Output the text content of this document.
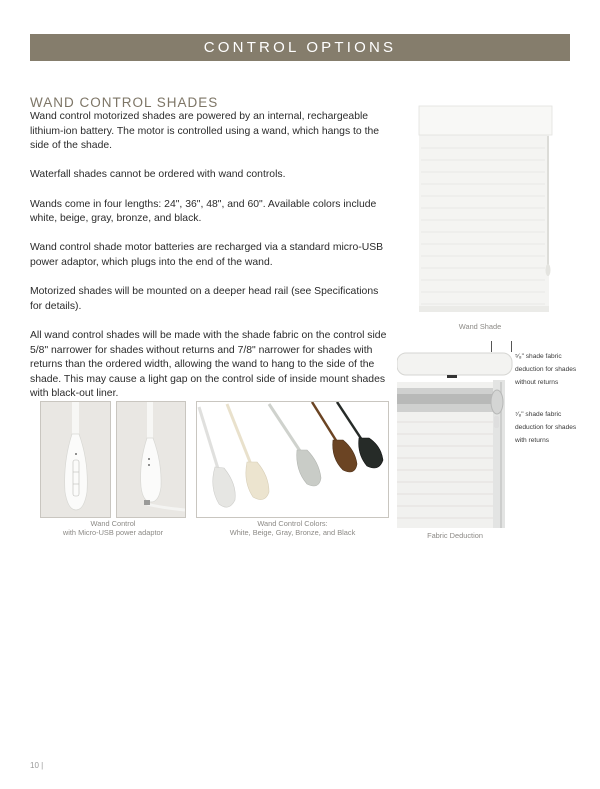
CONTROL OPTIONS
WAND CONTROL SHADES

Wand control motorized shades are powered by an internal, rechargeable lithium-ion battery. The motor is controlled using a wand, which hangs to the side of the shade.

Waterfall shades cannot be ordered with wand controls.

Wands come in four lengths: 24", 36", 48", and 60". Available colors include white, beige, gray, bronze, and black.

Wand control shade motor batteries are recharged via a standard micro-USB power adaptor, which plugs into the end of the wand.

Motorized shades will be mounted on a deeper head rail (see Specifications for details).

All wand control shades will be made with the shade fabric on the control side 5/8" narrower for shades without returns and 7/8" narrower for shades with returns than the ordered width, allowing the wand to hang to the side of the shade. This may cause a light gap on the control side of inside mount shades with black-out liner.

Wand Shade
⁵⁄₈" shade fabric deduction for shades without returns
⁷⁄₈" shade fabric deduction for shades with returns
Fabric Deduction
Wand Control
with Micro-USB power adaptor
Wand Control Colors:
White, Beige, Gray, Bronze, and Black
10 |
